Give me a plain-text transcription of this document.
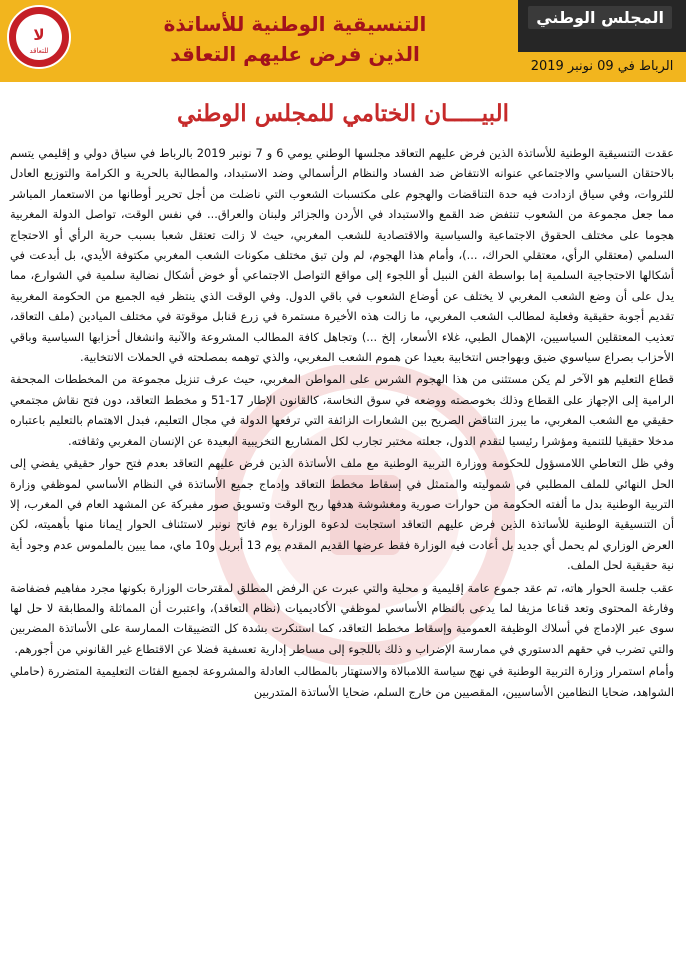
لا
للتعاقد
التنسيقية الوطنية للأساتذة
الذين فرض عليهم التعاقد
المجلس الوطني
الرباط في 09 نونبر 2019
البيـــــان الختامي للمجلس الوطني

عقدت التنسيقية الوطنية للأساتذة الذين فرض عليهم التعاقد مجلسها الوطني يومي 6 و 7 نونبر 2019 بالرباط في سياق دولي و إقليمي يتسم بالاحتقان السياسي والاجتماعي عنوانه الانتفاض ضد الفساد والنظام الرأسمالي وضد الاستبداد، والمطالبة بالحرية و الكرامة والتوزيع العادل للثروات، وفي سياق ازدادت فيه حدة التناقضات والهجوم على مكتسبات الشعوب التي ناضلت من أجل تحرير أوطانها من الاستعمار المباشر مما جعل مجموعة من الشعوب تنتفض ضد القمع والاستبداد في الأردن والجزائر ولبنان والعراق... في نفس الوقت، تواصل الدولة المغربية هجوما على مختلف الحقوق الاجتماعية والسياسية والاقتصادية للشعب المغربي، حيث لا زالت تعتقل شعبا بسبب حرية الرأي أو الاحتجاج السلمي (معتقلي الرأي، معتقلي الحراك، ...)، وأمام هذا الهجوم، لم ولن تبق مختلف مكونات الشعب المغربي مكتوفة الأيدي، بل أبدعت في أشكالها الاحتجاجية السلمية إما بواسطة الفن النبيل أو اللجوء إلى مواقع التواصل الاجتماعي أو خوض أشكال نضالية سلمية في الشوارع، مما يدل على أن وضع الشعب المغربي لا يختلف عن أوضاع الشعوب في باقي الدول. وفي الوقت الذي ينتظر فيه الجميع من الحكومة المغربية تقديم أجوبة حقيقية وفعلية لمطالب الشعب المغربي، ما زالت هذه الأخيرة مستمرة في زرع قنابل موقوتة في مختلف الميادين (ملف التعاقد، تعذيب المعتقلين السياسيين، الإهمال الطبي، غلاء الأسعار، إلخ ...) وتجاهل كافة المطالب المشروعة والآنية وانشغال أحزابها السياسية وباقي الأحزاب بصراع سياسوي ضيق وبهواجس انتخابية بعيدا عن هموم الشعب المغربي، والذي توهمه بمصلحته في الحملات الانتخابية.

قطاع التعليم هو الآخر لم يكن مستثنى من هذا الهجوم الشرس على المواطن المغربي، حيث عرف تنزيل مجموعة من المخططات المجحفة الرامية إلى الإجهاز على القطاع وذلك بخوصصته ووضعه في سوق النخاسة، كالقانون الإطار 17-51 و مخطط التعاقد، دون فتح نقاش مجتمعي حقيقي مع الشعب المغربي، ما يبرز التناقض الصريح بين الشعارات الزائفة التي ترفعها الدولة في مجال التعليم، فبدل الاهتمام بالتعليم باعتباره مدخلا حقيقيا للتنمية ومؤشرا رئيسيا لتقدم الدول، جعلته مختبر تجارب لكل المشاريع التخريبية البعيدة عن الإنسان المغربي وثقافته.

وفي ظل التعاطي اللامسؤول للحكومة ووزارة التربية الوطنية مع ملف الأساتذة الذين فرض عليهم التعاقد بعدم فتح حوار حقيقي يفضي إلى الحل النهائي للملف المطلبي في شموليته والمتمثل في إسقاط مخطط التعاقد وإدماج جميع الأساتذة في النظام الأساسي لموظفي وزارة التربية الوطنية بدل ما ألفته الحكومة من حوارات صورية ومغشوشة هدفها ربح الوقت وتسويق صور مفبركة عن المشهد العام في المغرب، إلا أن التنسيقية الوطنية للأساتذة الذين فرض عليهم التعاقد استجابت لدعوة الوزارة يوم فاتح نونبر لاستئناف الحوار إيمانا منها بأهميته، لكن العرض الوزاري لم يحمل أي جديد بل أعادت فيه الوزارة فقط عرضها القديم المقدم يوم 13 أبريل و10 ماي، مما يبين بالملموس عدم وجود أية نية حقيقية لحل الملف.

عقب جلسة الحوار هاته، تم عقد جموع عامة إقليمية و محلية والتي عبرت عن الرفض المطلق لمقترحات الوزارة بكونها مجرد مفاهيم فضفاضة وفارغة المحتوى وتعد قناعا مزيفا لما يدعى بالنظام الأساسي لموظفي الأكاديميات (نظام التعاقد)، واعتبرت أن المماثلة والمطابقة لا حل لها سوى عبر الإدماج في أسلاك الوظيفة العمومية وإسقاط مخطط التعاقد، كما استنكرت بشدة كل التضييقات الممارسة على الأساتذة المضربين والتي تضرب في حقهم الدستوري في ممارسة الإضراب و ذلك باللجوء إلى مساطر إدارية تعسفية فضلا عن الاقتطاع غير القانوني من أجورهم.

وأمام استمرار وزارة التربية الوطنية في نهج سياسة اللامبالاة والاستهتار بالمطالب العادلة والمشروعة لجميع الفئات التعليمية المتضررة (حاملي الشواهد، ضحايا النظامين الأساسيين، المقصيين من خارج السلم، ضحايا الأساتذة المتدربين
